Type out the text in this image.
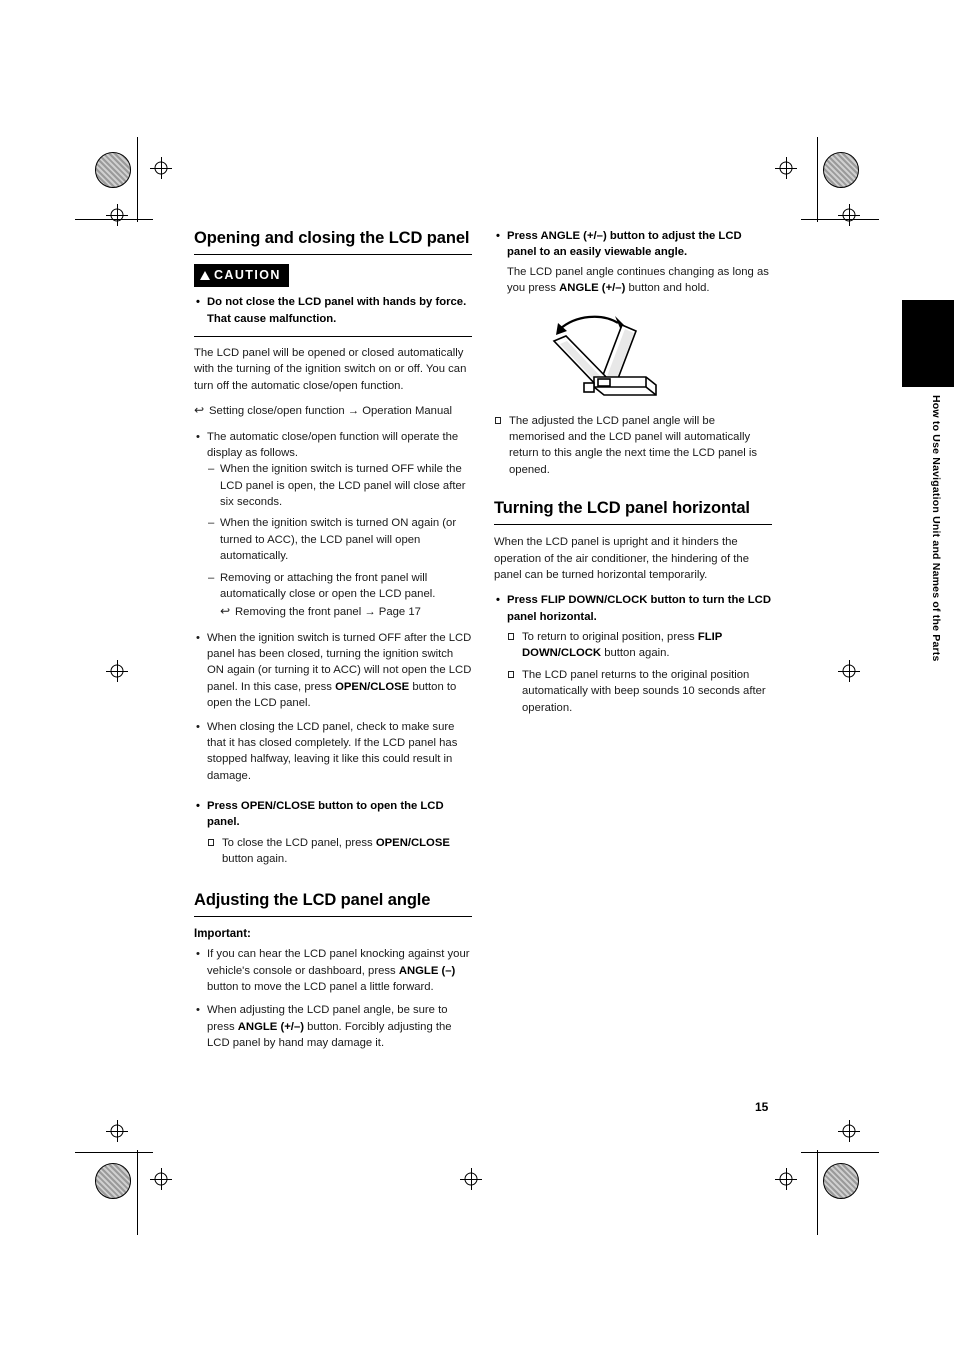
How to Use Navigation Unit and Names of the Parts
Opening and closing the LCD panel
CAUTION
• Do not close the LCD panel with hands by force. That cause malfunction.

The LCD panel will be opened or closed automatically with the turning of the ignition switch on or off. You can turn off the automatic close/open function.

↪ Setting close/open function → Operation Manual
• The automatic close/open function will operate the display as follows.
– When the ignition switch is turned OFF while the LCD panel is open, the LCD panel will close after six seconds.
– When the ignition switch is turned ON again (or turned to ACC), the LCD panel will open automatically.
– Removing or attaching the front panel will automatically close or open the LCD panel.
↪ Removing the front panel → Page 17
• When the ignition switch is turned OFF after the LCD panel has been closed, turning the ignition switch ON again (or turning it to ACC) will not open the LCD panel. In this case, press OPEN/CLOSE button to open the LCD panel.
• When closing the LCD panel, check to make sure that it has closed completely. If the LCD panel has stopped halfway, leaving it like this could result in damage.
• Press OPEN/CLOSE button to open the LCD panel.
To close the LCD panel, press OPEN/CLOSE button again.
Adjusting the LCD panel angle
Important:
• If you can hear the LCD panel knocking against your vehicle's console or dashboard, press ANGLE (–) button to move the LCD panel a little forward.
• When adjusting the LCD panel angle, be sure to press ANGLE (+/–) button. Forcibly adjusting the LCD panel by hand may damage it.
• Press ANGLE (+/–) button to adjust the LCD panel to an easily viewable angle.
The LCD panel angle continues changing as long as you press ANGLE (+/–) button and hold.
The adjusted the LCD panel angle will be memorised and the LCD panel will automatically return to this angle the next time the LCD panel is opened.
Turning the LCD panel horizontal

When the LCD panel is upright and it hinders the operation of the air conditioner, the hindering of the panel can be turned horizontal temporarily.

• Press FLIP DOWN/CLOCK button to turn the LCD panel horizontal.
To return to original position, press FLIP DOWN/CLOCK button again.
The LCD panel returns to the original position automatically with beep sounds 10 seconds after operation.
15
